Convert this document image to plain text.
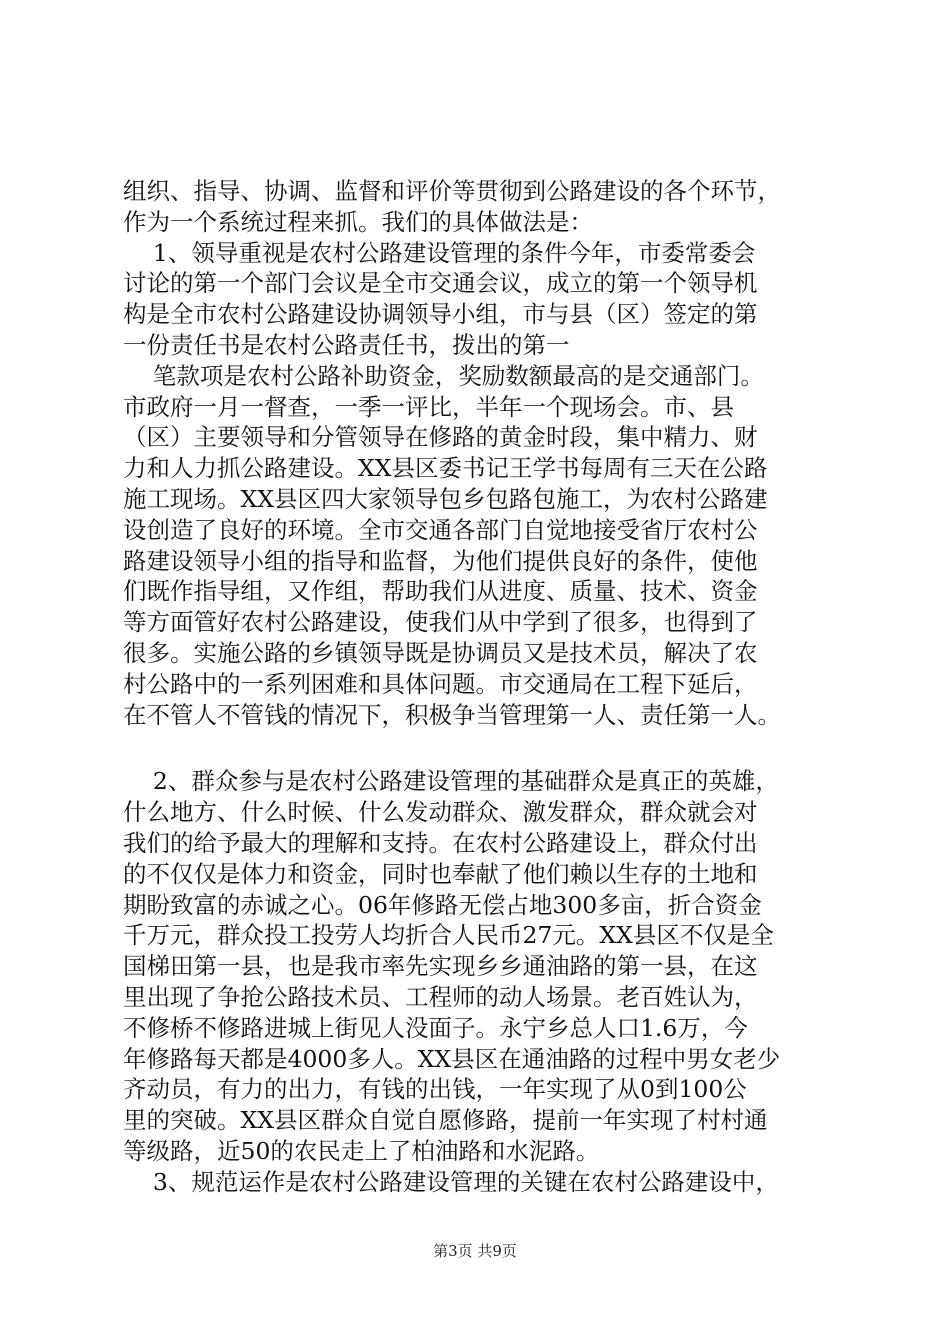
组织、指导、协调、监督和评价等贯彻到公路建设的各个环节，
作为一个系统过程来抓。我们的具体做法是：
1、领导重视是农村公路建设管理的条件今年，市委常委会
讨论的第一个部门会议是全市交通会议，成立的第一个领导机
构是全市农村公路建设协调领导小组，市与县（区）签定的第
一份责任书是农村公路责任书，拨出的第一
笔款项是农村公路补助资金，奖励数额最高的是交通部门。
市政府一月一督查，一季一评比，半年一个现场会。市、县
（区）主要领导和分管领导在修路的黄金时段，集中精力、财
力和人力抓公路建设。XX县区委书记王学书每周有三天在公路
施工现场。XX县区四大家领导包乡包路包施工，为农村公路建
设创造了良好的环境。全市交通各部门自觉地接受省厅农村公
路建设领导小组的指导和监督，为他们提供良好的条件，使他
们既作指导组，又作组，帮助我们从进度、质量、技术、资金
等方面管好农村公路建设，使我们从中学到了很多，也得到了
很多。实施公路的乡镇领导既是协调员又是技术员，解决了农
村公路中的一系列困难和具体问题。市交通局在工程下延后，
在不管人不管钱的情况下，积极争当管理第一人、责任第一人。
2、群众参与是农村公路建设管理的基础群众是真正的英雄，
什么地方、什么时候、什么发动群众、激发群众，群众就会对
我们的给予最大的理解和支持。在农村公路建设上，群众付出
的不仅仅是体力和资金，同时也奉献了他们赖以生存的土地和
期盼致富的赤诚之心。06年修路无偿占地300多亩，折合资金
千万元，群众投工投劳人均折合人民币27元。XX县区不仅是全
国梯田第一县，也是我市率先实现乡乡通油路的第一县，在这
里出现了争抢公路技术员、工程师的动人场景。老百姓认为，
不修桥不修路进城上街见人没面子。永宁乡总人口1.6万，今
年修路每天都是4000多人。XX县区在通油路的过程中男女老少
齐动员，有力的出力，有钱的出钱，一年实现了从0到100公
里的突破。XX县区群众自觉自愿修路，提前一年实现了村村通
等级路，近50的农民走上了柏油路和水泥路。
3、规范运作是农村公路建设管理的关键在农村公路建设中，
第3页 共9页
